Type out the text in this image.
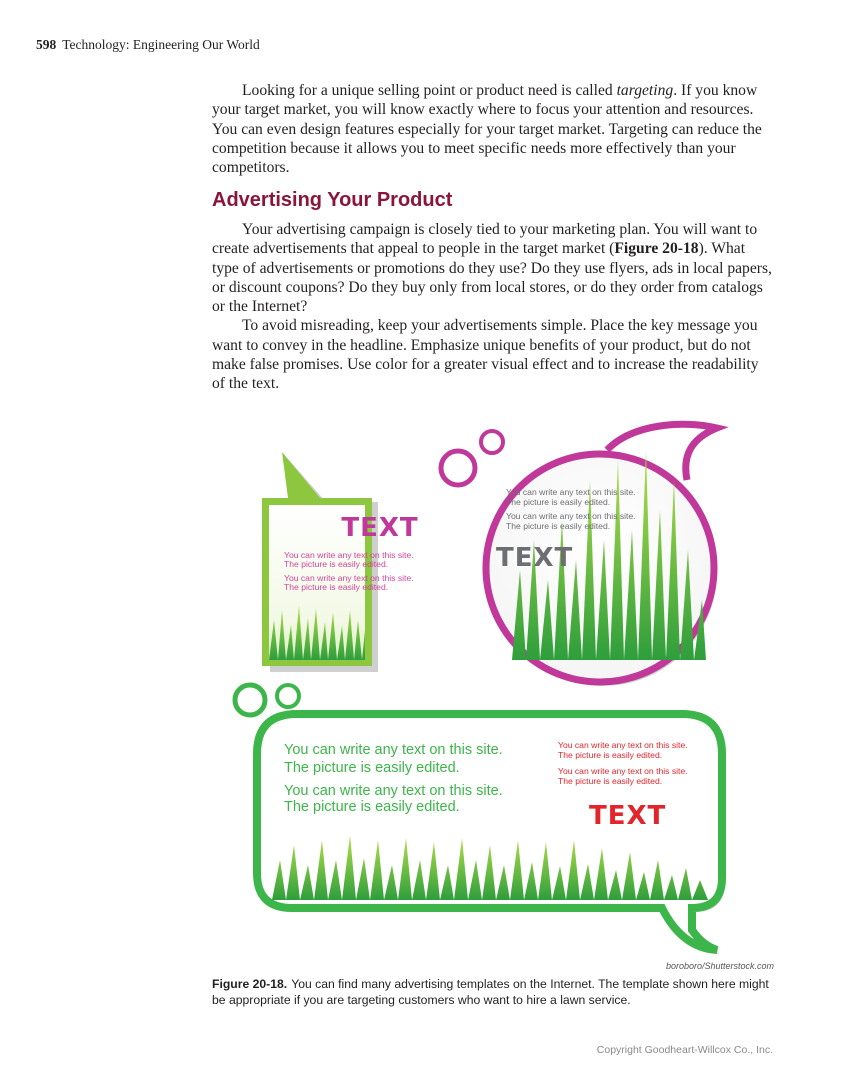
598 Technology: Engineering Our World

Looking for a unique selling point or product need is called targeting. If you know your target market, you will know exactly where to focus your attention and resources. You can even design features especially for your target market. Targeting can reduce the competition because it allows you to meet specific needs more effectively than your competitors.

Advertising Your Product

Your advertising campaign is closely tied to your marketing plan. You will want to create advertisements that appeal to people in the target market (Figure 20-18). What type of advertisements or promotions do they use? Do they use flyers, ads in local papers, or discount coupons? Do they buy only from local stores, or do they order from catalogs or the Internet?

To avoid misreading, keep your advertisements simple. Place the key message you want to convey in the headline. Emphasize unique benefits of your product, but do not make false promises. Use color for a greater visual effect and to increase the readability of the text.

TEXT
You can write any text on this site.
The picture is easily edited.
You can write any text on this site.
The picture is easily edited.
You can write any text on this site.
The picture is easily edited.
You can write any text on this site.
The picture is easily edited.
TEXT
You can write any text on this site.
The picture is easily edited.
You can write any text on this site.
The picture is easily edited.
You can write any text on this site.
The picture is easily edited.
You can write any text on this site.
The picture is easily edited.
TEXT
boroboro/Shutterstock.com
Figure 20-18. You can find many advertising templates on the Internet. The template shown here might be appropriate if you are targeting customers who want to hire a lawn service.
Copyright Goodheart-Willcox Co., Inc.
